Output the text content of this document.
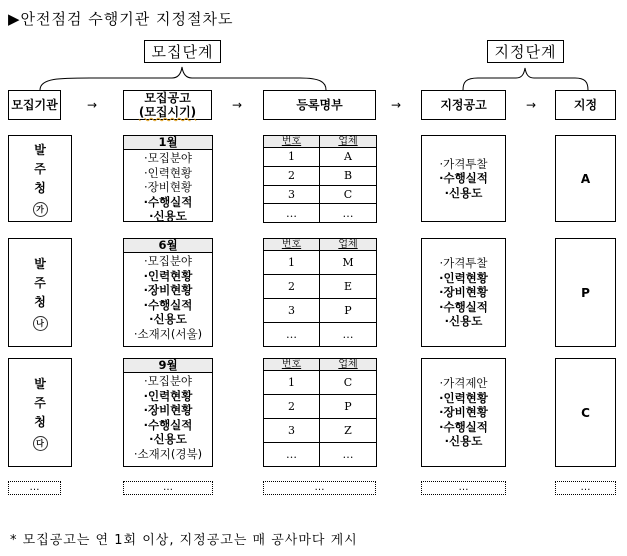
▶안전점검 수행기관 지정절차도
모집단계	지정단계
모집기관	→	모집공고
(모집시기)	→	등록명부	→	지정공고	→	지정
발
주
청
가
1월
·모집분야
·인력현황
·장비현황
·수행실적
·신용도
번호	업체
1	A
2	B
3	C
…	…
·가격투찰
·수행실적
·신용도
A
발
주
청
나
6월
·모집분야
·인력현황
·장비현황
·수행실적
·신용도
·소재지(서울)
번호	업체
1	M
2	E
3	P
…	…
·가격투찰
·인력현황
·장비현황
·수행실적
·신용도
P
발
주
청
다
9월
·모집분야
·인력현황
·장비현황
·수행실적
·신용도
·소재지(경북)
번호	업체
1	C
2	P
3	Z
…	…
·가격제안
·인력현황
·장비현황
·수행실적
·신용도
C
…	…	…	…	…
* 모집공고는 연 1회 이상, 지정공고는 매 공사마다 게시
